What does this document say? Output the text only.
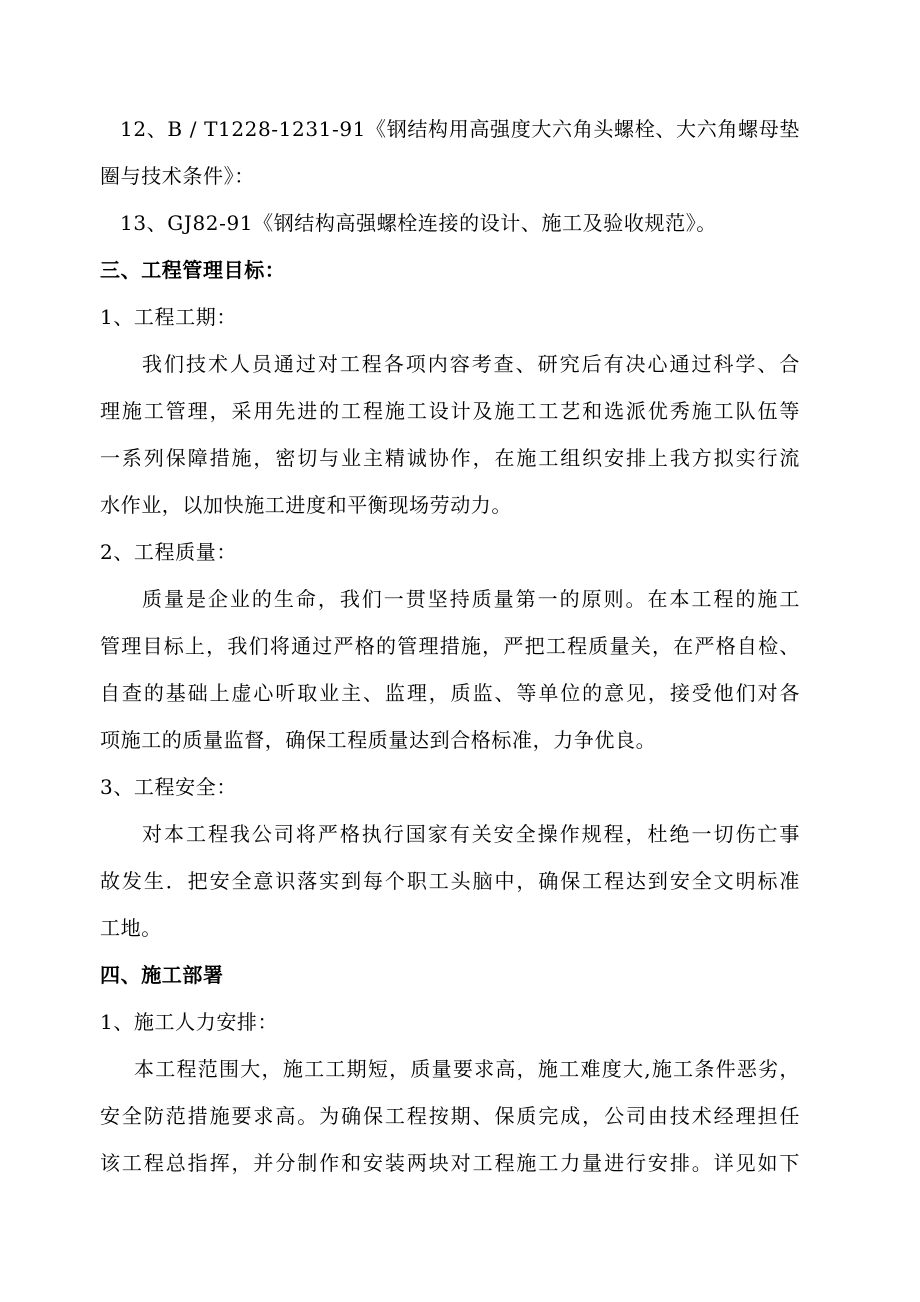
12、B / T1228-1231-91《钢结构用高强度大六角头螺栓、大六角螺母垫
圈与技术条件》：
13、GJ82-91《钢结构高强螺栓连接的设计、施工及验收规范》。
三、工程管理目标：
1、工程工期：
我们技术人员通过对工程各项内容考查、研究后有决心通过科学、合
理施工管理，采用先进的工程施工设计及施工工艺和选派优秀施工队伍等
一系列保障措施，密切与业主精诚协作，在施工组织安排上我方拟实行流
水作业，以加快施工进度和平衡现场劳动力。
2、工程质量：
质量是企业的生命，我们一贯坚持质量第一的原则。在本工程的施工
管理目标上，我们将通过严格的管理措施，严把工程质量关，在严格自检、
自查的基础上虚心听取业主、监理，质监、等单位的意见，接受他们对各
项施工的质量监督，确保工程质量达到合格标准，力争优良。
3、工程安全：
对本工程我公司将严格执行国家有关安全操作规程，杜绝一切伤亡事
故发生．把安全意识落实到每个职工头脑中，确保工程达到安全文明标准
工地。
四、施工部署
1、施工人力安排：
本工程范围大，施工工期短，质量要求高，施工难度大,施工条件恶劣，
安全防范措施要求高。为确保工程按期、保质完成，公司由技术经理担任
该工程总指挥，并分制作和安装两块对工程施工力量进行安排。详见如下
